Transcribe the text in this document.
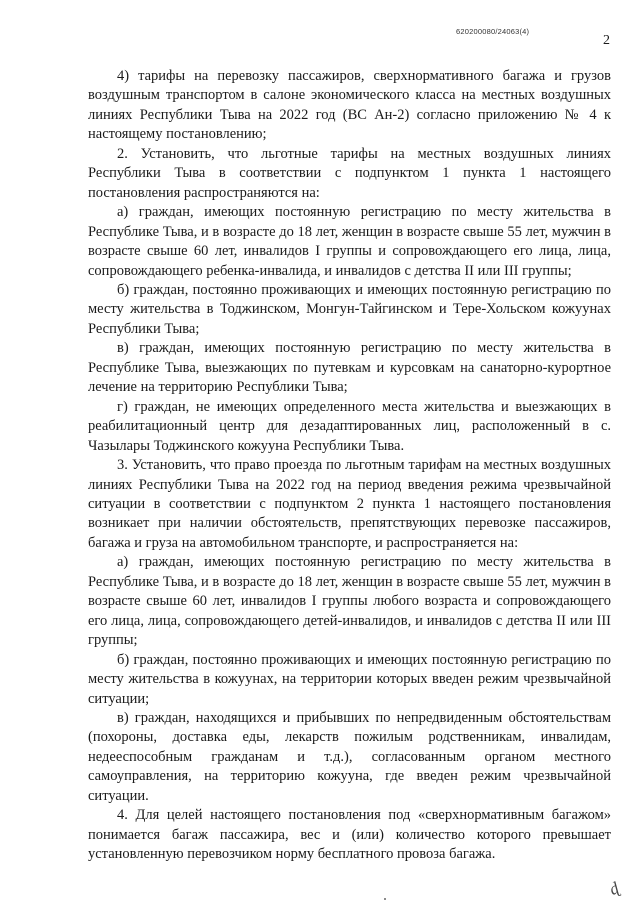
620200080/24063(4)
2

4) тарифы на перевозку пассажиров, сверхнормативного багажа и грузов воздушным транспортом в салоне экономического класса на местных воздушных линиях Республики Тыва на 2022 год (ВС Ан-2) согласно приложению № 4 к настоящему постановлению;

2. Установить, что льготные тарифы на местных воздушных линиях Республики Тыва в соответствии с подпунктом 1 пункта 1 настоящего постановления распространяются на:

а) граждан, имеющих постоянную регистрацию по месту жительства в Республике Тыва, и в возрасте до 18 лет, женщин в возрасте свыше 55 лет, мужчин в возрасте свыше 60 лет, инвалидов I группы и сопровождающего его лица, лица, сопровождающего ребенка-инвалида, и инвалидов с детства II или III группы;

б) граждан, постоянно проживающих и имеющих постоянную регистрацию по месту жительства в Тоджинском, Монгун-Тайгинском и Тере-Хольском кожуунах Республики Тыва;

в) граждан, имеющих постоянную регистрацию по месту жительства в Республике Тыва, выезжающих по путевкам и курсовкам на санаторно-курортное лечение на территорию Республики Тыва;

г) граждан, не имеющих определенного места жительства и выезжающих в реабилитационный центр для дезадаптированных лиц, расположенный в с. Чазылары Тоджинского кожууна Республики Тыва.

3. Установить, что право проезда по льготным тарифам на местных воздушных линиях Республики Тыва на 2022 год на период введения режима чрезвычайной ситуации в соответствии с подпунктом 2 пункта 1 настоящего постановления возникает при наличии обстоятельств, препятствующих перевозке пассажиров, багажа и груза на автомобильном транспорте, и распространяется на:

а) граждан, имеющих постоянную регистрацию по месту жительства в Республике Тыва, и в возрасте до 18 лет, женщин в возрасте свыше 55 лет, мужчин в возрасте свыше 60 лет, инвалидов I группы любого возраста и сопровождающего его лица, лица, сопровождающего детей-инвалидов, и инвалидов с детства II или III группы;

б) граждан, постоянно проживающих и имеющих постоянную регистрацию по месту жительства в кожуунах, на территории которых введен режим чрезвычайной ситуации;

в) граждан, находящихся и прибывших по непредвиденным обстоятельствам (похороны, доставка еды, лекарств пожилым родственникам, инвалидам, недееспособным гражданам и т.д.), согласованным органом местного самоуправления, на территорию кожууна, где введен режим чрезвычайной ситуации.

4. Для целей настоящего постановления под «сверхнормативным багажом» понимается багаж пассажира, вес и (или) количество которого превышает установленную перевозчиком норму бесплатного провоза багажа.

ɖ
